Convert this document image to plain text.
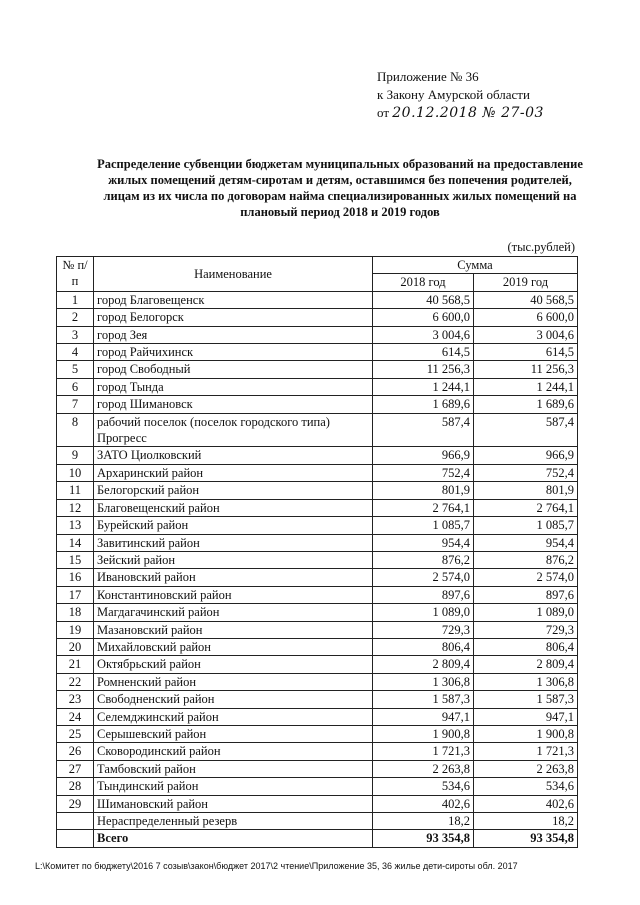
Приложение № 36
к Закону Амурской области
от 20.12.2018 № 27-03
Распределение субвенции бюджетам муниципальных образований на предоставление жилых помещений детям-сиротам и детям, оставшимся без попечения родителей, лицам из их числа по договорам найма специализированных жилых помещений на плановый период 2018 и 2019 годов
(тыс.рублей)
№ п/п	Наименование	Сумма	
		2018 год	2019 год
1	город Благовещенск	40 568,5	40 568,5
2	город Белогорск	6 600,0	6 600,0
3	город Зея	3 004,6	3 004,6
4	город Райчихинск	614,5	614,5
5	город Свободный	11 256,3	11 256,3
6	город Тында	1 244,1	1 244,1
7	город Шимановск	1 689,6	1 689,6
8	рабочий поселок (поселок городского типа) Прогресс	587,4	587,4
9	ЗАТО Циолковский	966,9	966,9
10	Архаринский район	752,4	752,4
11	Белогорский район	801,9	801,9
12	Благовещенский район	2 764,1	2 764,1
13	Бурейский район	1 085,7	1 085,7
14	Завитинский район	954,4	954,4
15	Зейский район	876,2	876,2
16	Ивановский район	2 574,0	2 574,0
17	Константиновский район	897,6	897,6
18	Магдагачинский район	1 089,0	1 089,0
19	Мазановский район	729,3	729,3
20	Михайловский район	806,4	806,4
21	Октябрьский район	2 809,4	2 809,4
22	Ромненский район	1 306,8	1 306,8
23	Свободненский район	1 587,3	1 587,3
24	Селемджинский район	947,1	947,1
25	Серышевский район	1 900,8	1 900,8
26	Сковородинский район	1 721,3	1 721,3
27	Тамбовский район	2 263,8	2 263,8
28	Тындинский район	534,6	534,6
29	Шимановский район	402,6	402,6
	Нераспределенный резерв	18,2	18,2
	Всего	93 354,8	93 354,8
L:\Комитет по бюджету\2016 7 созыв\закон\бюджет 2017\2 чтение\Приложение 35, 36 жилье дети-сироты обл. 2017
